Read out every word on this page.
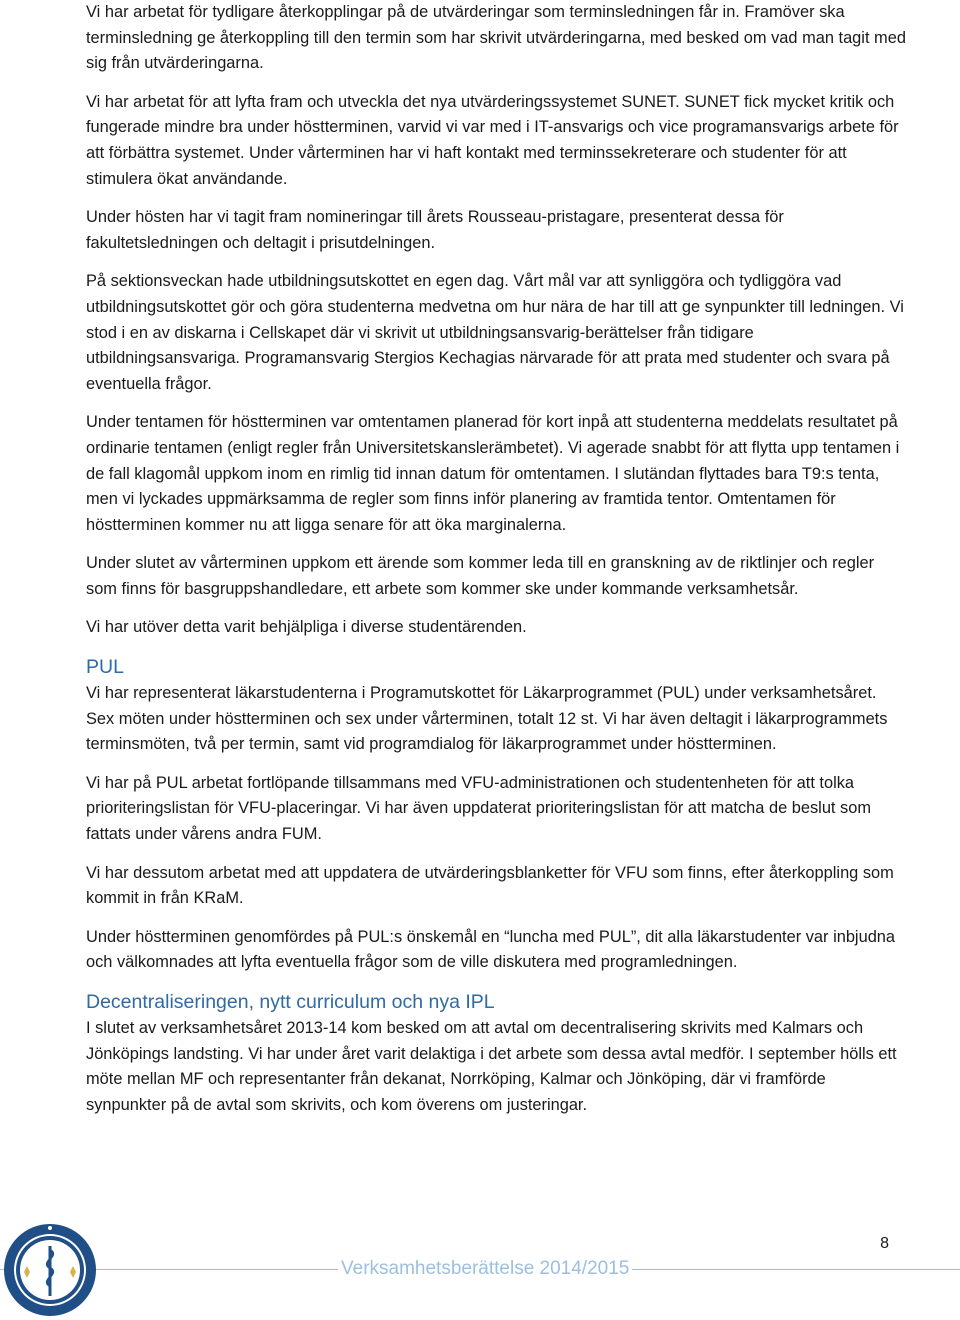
Vi har arbetat för tydligare återkopplingar på de utvärderingar som terminsledningen får in. Framöver ska terminsledning ge återkoppling till den termin som har skrivit utvärderingarna, med besked om vad man tagit med sig från utvärderingarna.

Vi har arbetat för att lyfta fram och utveckla det nya utvärderingssystemet SUNET. SUNET fick mycket kritik och fungerade mindre bra under höstterminen, varvid vi var med i IT-ansvarigs och vice programansvarigs arbete för att förbättra systemet. Under vårterminen har vi haft kontakt med terminssekreterare och studenter för att stimulera ökat användande.

Under hösten har vi tagit fram nomineringar till årets Rousseau-pristagare, presenterat dessa för fakultetsledningen och deltagit i prisutdelningen.

På sektionsveckan hade utbildningsutskottet en egen dag. Vårt mål var att synliggöra och tydliggöra vad utbildningsutskottet gör och göra studenterna medvetna om hur nära de har till att ge synpunkter till ledningen. Vi stod i en av diskarna i Cellskapet där vi skrivit ut utbildningsansvarig-berättelser från tidigare utbildningsansvariga. Programansvarig Stergios Kechagias närvarade för att prata med studenter och svara på eventuella frågor.

Under tentamen för höstterminen var omtentamen planerad för kort inpå att studenterna meddelats resultatet på ordinarie tentamen (enligt regler från Universitetskanslerämbetet). Vi agerade snabbt för att flytta upp tentamen i de fall klagomål uppkom inom en rimlig tid innan datum för omtentamen. I slutändan flyttades bara T9:s tenta, men vi lyckades uppmärksamma de regler som finns inför planering av framtida tentor. Omtentamen för höstterminen kommer nu att ligga senare för att öka marginalerna.

Under slutet av vårterminen uppkom ett ärende som kommer leda till en granskning av de riktlinjer och regler som finns för basgruppshandledare, ett arbete som kommer ske under kommande verksamhetsår.

Vi har utöver detta varit behjälpliga i diverse studentärenden.

PUL

Vi har representerat läkarstudenterna i Programutskottet för Läkarprogrammet (PUL) under verksamhetsåret. Sex möten under höstterminen och sex under vårterminen, totalt 12 st. Vi har även deltagit i läkarprogrammets terminsmöten, två per termin, samt vid programdialog för läkarprogrammet under höstterminen.

Vi har på PUL arbetat fortlöpande tillsammans med VFU-administrationen och studentenheten för att tolka prioriteringslistan för VFU-placeringar. Vi har även uppdaterat prioriteringslistan för att matcha de beslut som fattats under vårens andra FUM.

Vi har dessutom arbetat med att uppdatera de utvärderingsblanketter för VFU som finns, efter återkoppling som kommit in från KRaM.

Under höstterminen genomfördes på PUL:s önskemål en “luncha med PUL”, dit alla läkarstudenter var inbjudna och välkomnades att lyfta eventuella frågor som de ville diskutera med programledningen.

Decentraliseringen, nytt curriculum och nya IPL

I slutet av verksamhetsåret 2013-14 kom besked om att avtal om decentralisering skrivits med Kalmars och Jönköpings landsting. Vi har under året varit delaktiga i det arbete som dessa avtal medför. I september hölls ett möte mellan MF och representanter från dekanat, Norrköping, Kalmar och Jönköping, där vi framförde synpunkter på de avtal som skrivits, och kom överens om justeringar.

8
Verksamhetsberättelse 2014/2015
